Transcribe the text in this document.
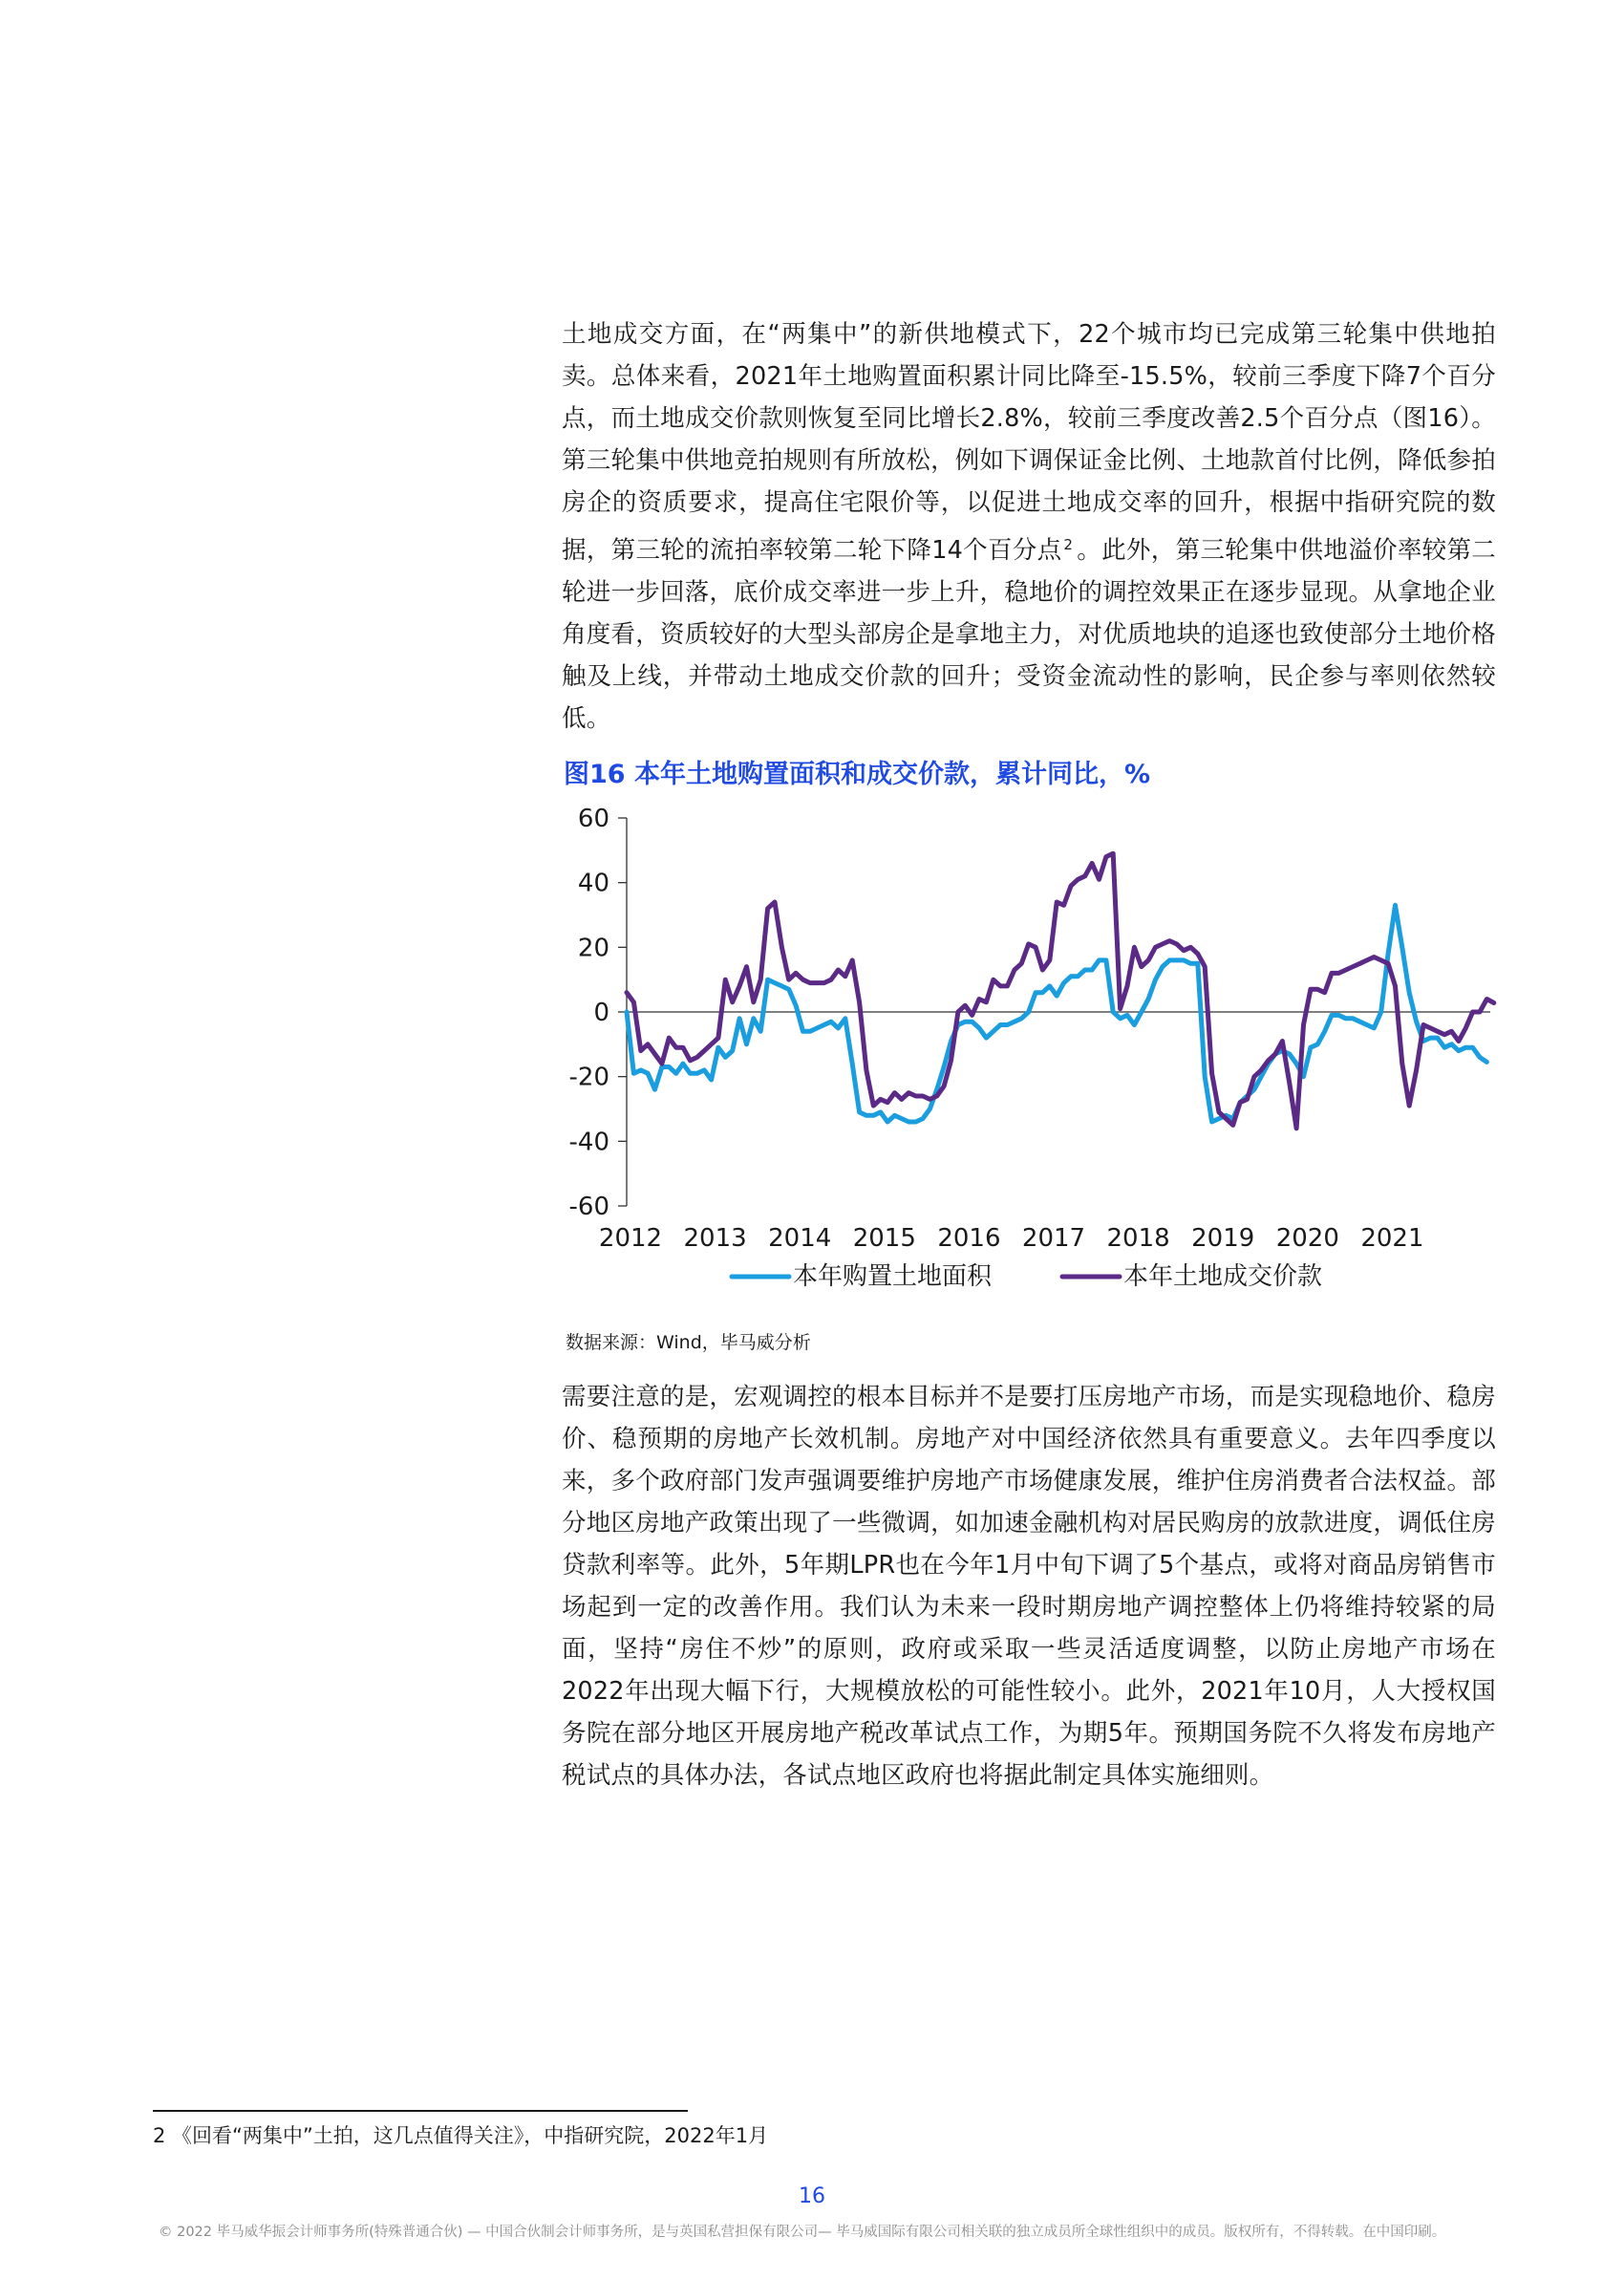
土地成交方面，在“两集中”的新供地模式下，22个城市均已完成第三轮集中供地拍卖。总体来看，2021年土地购置面积累计同比降至-15.5%，较前三季度下降7个百分点，而土地成交价款则恢复至同比增长2.8%，较前三季度改善2.5个百分点（图16）。第三轮集中供地竞拍规则有所放松，例如下调保证金比例、土地款首付比例，降低参拍房企的资质要求，提高住宅限价等，以促进土地成交率的回升，根据中指研究院的数据，第三轮的流拍率较第二轮下降14个百分点 $^2$ 。此外，第三轮集中供地溢价率较第二轮进一步回落，底价成交率进一步上升，稳地价的调控效果正在逐步显现。从拿地企业角度看，资质较好的大型头部房企是拿地主力，对优质地块的追逐也致使部分土地价格触及上线，并带动土地成交价款的回升；受资金流动性的影响，民企参与率则依然较低。

图16 本年土地购置面积和成交价款，累计同比，%

60
40
20
0
-20
-40
-60
2012 2013 2014 2015 2016 2017 2018 2019 2020 2021
本年购置土地面积	本年土地成交价款

数据来源：Wind，毕马威分析

需要注意的是，宏观调控的根本目标并不是要打压房地产市场，而是实现稳地价、稳房价、稳预期的房地产长效机制。房地产对中国经济依然具有重要意义。去年四季度以来，多个政府部门发声强调要维护房地产市场健康发展，维护住房消费者合法权益。部分地区房地产政策出现了一些微调，如加速金融机构对居民购房的放款进度，调低住房贷款利率等。此外，5年期LPR也在今年1月中旬下调了5个基点，或将对商品房销售市场起到一定的改善作用。我们认为未来一段时期房地产调控整体上仍将维持较紧的局面，坚持“房住不炒”的原则，政府或采取一些灵活适度调整，以防止房地产市场在2022年出现大幅下行，大规模放松的可能性较小。此外，2021年10月，人大授权国务院在部分地区开展房地产税改革试点工作，为期5年。预期国务院不久将发布房地产税试点的具体办法，各试点地区政府也将据此制定具体实施细则。

2 《回看“两集中”土拍，这几点值得关注》，中指研究院，2022年1月

16

© 2022 毕马威华振会计师事务所(特殊普通合伙) — 中国合伙制会计师事务所，是与英国私营担保有限公司— 毕马威国际有限公司相关联的独立成员所全球性组织中的成员。版权所有，不得转载。在中国印刷。
